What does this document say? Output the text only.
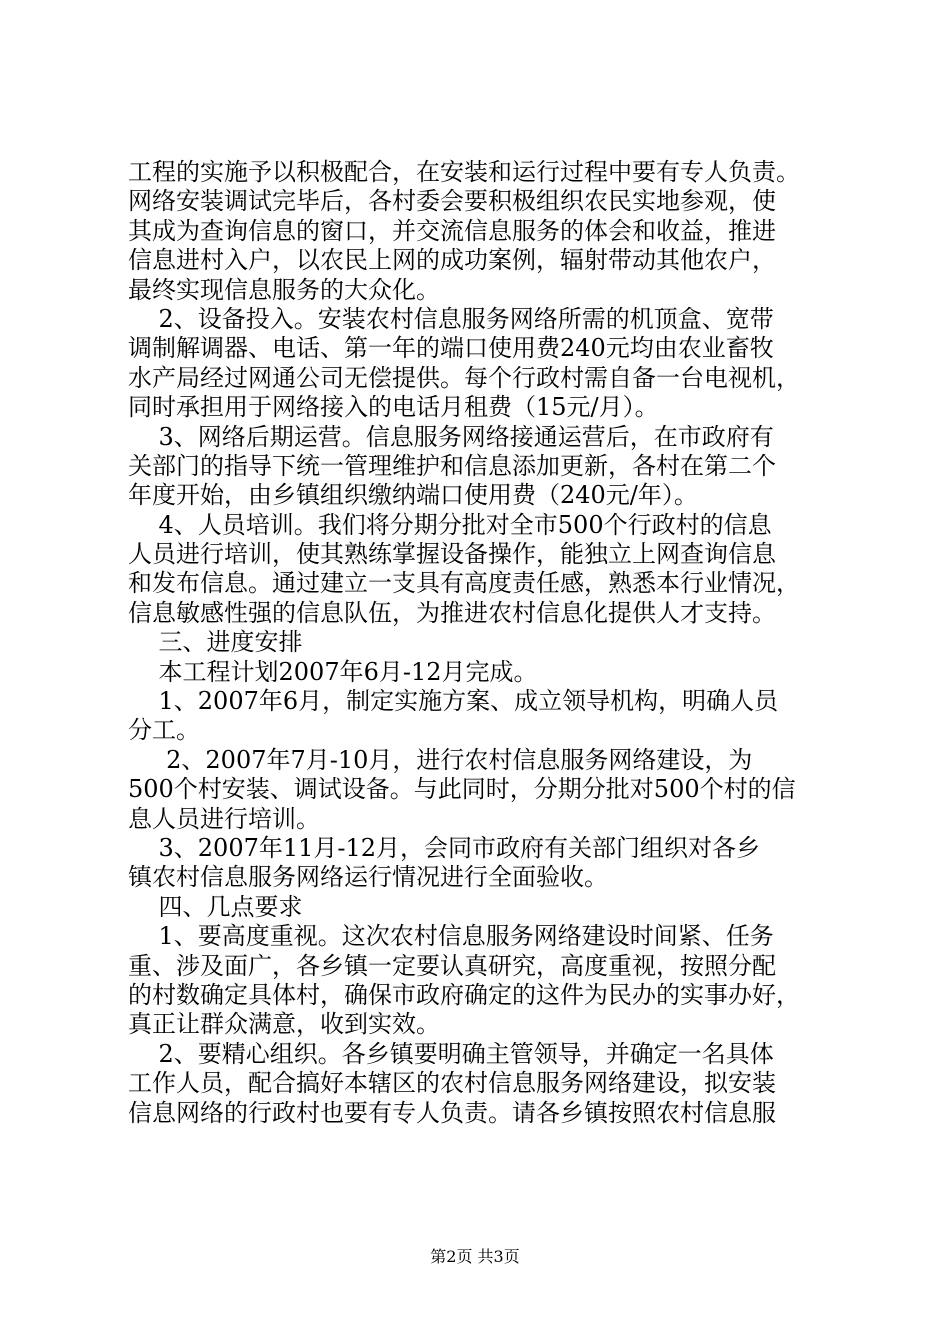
工程的实施予以积极配合，在安装和运行过程中要有专人负责。
网络安装调试完毕后，各村委会要积极组织农民实地参观，使
其成为查询信息的窗口，并交流信息服务的体会和收益，推进
信息进村入户，以农民上网的成功案例，辐射带动其他农户，
最终实现信息服务的大众化。
2、设备投入。安装农村信息服务网络所需的机顶盒、宽带
调制解调器、电话、第一年的端口使用费240元均由农业畜牧
水产局经过网通公司无偿提供。每个行政村需自备一台电视机，
同时承担用于网络接入的电话月租费（15元/月）。
3、网络后期运营。信息服务网络接通运营后，在市政府有
关部门的指导下统一管理维护和信息添加更新，各村在第二个
年度开始，由乡镇组织缴纳端口使用费（240元/年）。
4、人员培训。我们将分期分批对全市500个行政村的信息
人员进行培训，使其熟练掌握设备操作，能独立上网查询信息
和发布信息。通过建立一支具有高度责任感，熟悉本行业情况，
信息敏感性强的信息队伍，为推进农村信息化提供人才支持。
三、进度安排
本工程计划2007年6月-12月完成。
1、2007年6月，制定实施方案、成立领导机构，明确人员
分工。
2、2007年7月-10月，进行农村信息服务网络建设，为
500个村安装、调试设备。与此同时，分期分批对500个村的信
息人员进行培训。
3、2007年11月-12月，会同市政府有关部门组织对各乡
镇农村信息服务网络运行情况进行全面验收。
四、几点要求
1、要高度重视。这次农村信息服务网络建设时间紧、任务
重、涉及面广，各乡镇一定要认真研究，高度重视，按照分配
的村数确定具体村，确保市政府确定的这件为民办的实事办好，
真正让群众满意，收到实效。
2、要精心组织。各乡镇要明确主管领导，并确定一名具体
工作人员，配合搞好本辖区的农村信息服务网络建设，拟安装
信息网络的行政村也要有专人负责。请各乡镇按照农村信息服
第2页 共3页
